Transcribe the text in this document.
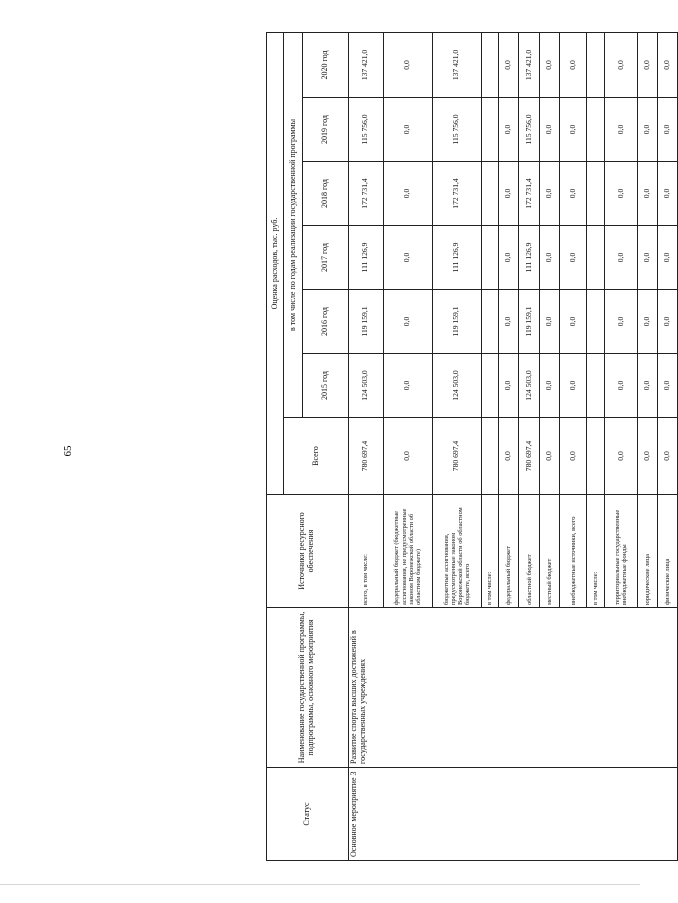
65
Статус	Наименование государственной программы, подпрограммы, основного мероприятия	Источники ресурсного обеспечения	Оценка расходов, тыс. руб.						
			Всего	в том числе по годам реализации государственной программы					
				2015 год	2016 год	2017 год	2018 год	2019 год	2020 год
Основное мероприятие 3	Развитие спорта высших достижений в государственных учреждениях	всего, в том числе:	780 697,4	124 503,0	119 159,1	111 126,9	172 731,4	115 756,0	137 421,0
		федеральный бюджет (бюджетные ассигнования, не предусмотренные законом Воронежской области об областном бюджете)	0,0	0,0	0,0	0,0	0,0	0,0	0,0
		бюджетные ассигнования, предусмотренные законом Воронежской области об областном бюджете, всего	780 697,4	124 503,0	119 159,1	111 126,9	172 731,4	115 756,0	137 421,0
		в том числе:							
		федеральный бюджет	0,0	0,0	0,0	0,0	0,0	0,0	0,0
		областной бюджет	780 697,4	124 503,0	119 159,1	111 126,9	172 731,4	115 756,0	137 421,0
		местный бюджет	0,0	0,0	0,0	0,0	0,0	0,0	0,0
		внебюджетные источники, всего	0,0	0,0	0,0	0,0	0,0	0,0	0,0
		в том числе:							
		территориальные государственные внебюджетные фонды	0,0	0,0	0,0	0,0	0,0	0,0	0,0
		юридические лица	0,0	0,0	0,0	0,0	0,0	0,0	0,0
		физические лица	0,0	0,0	0,0	0,0	0,0	0,0	0,0
